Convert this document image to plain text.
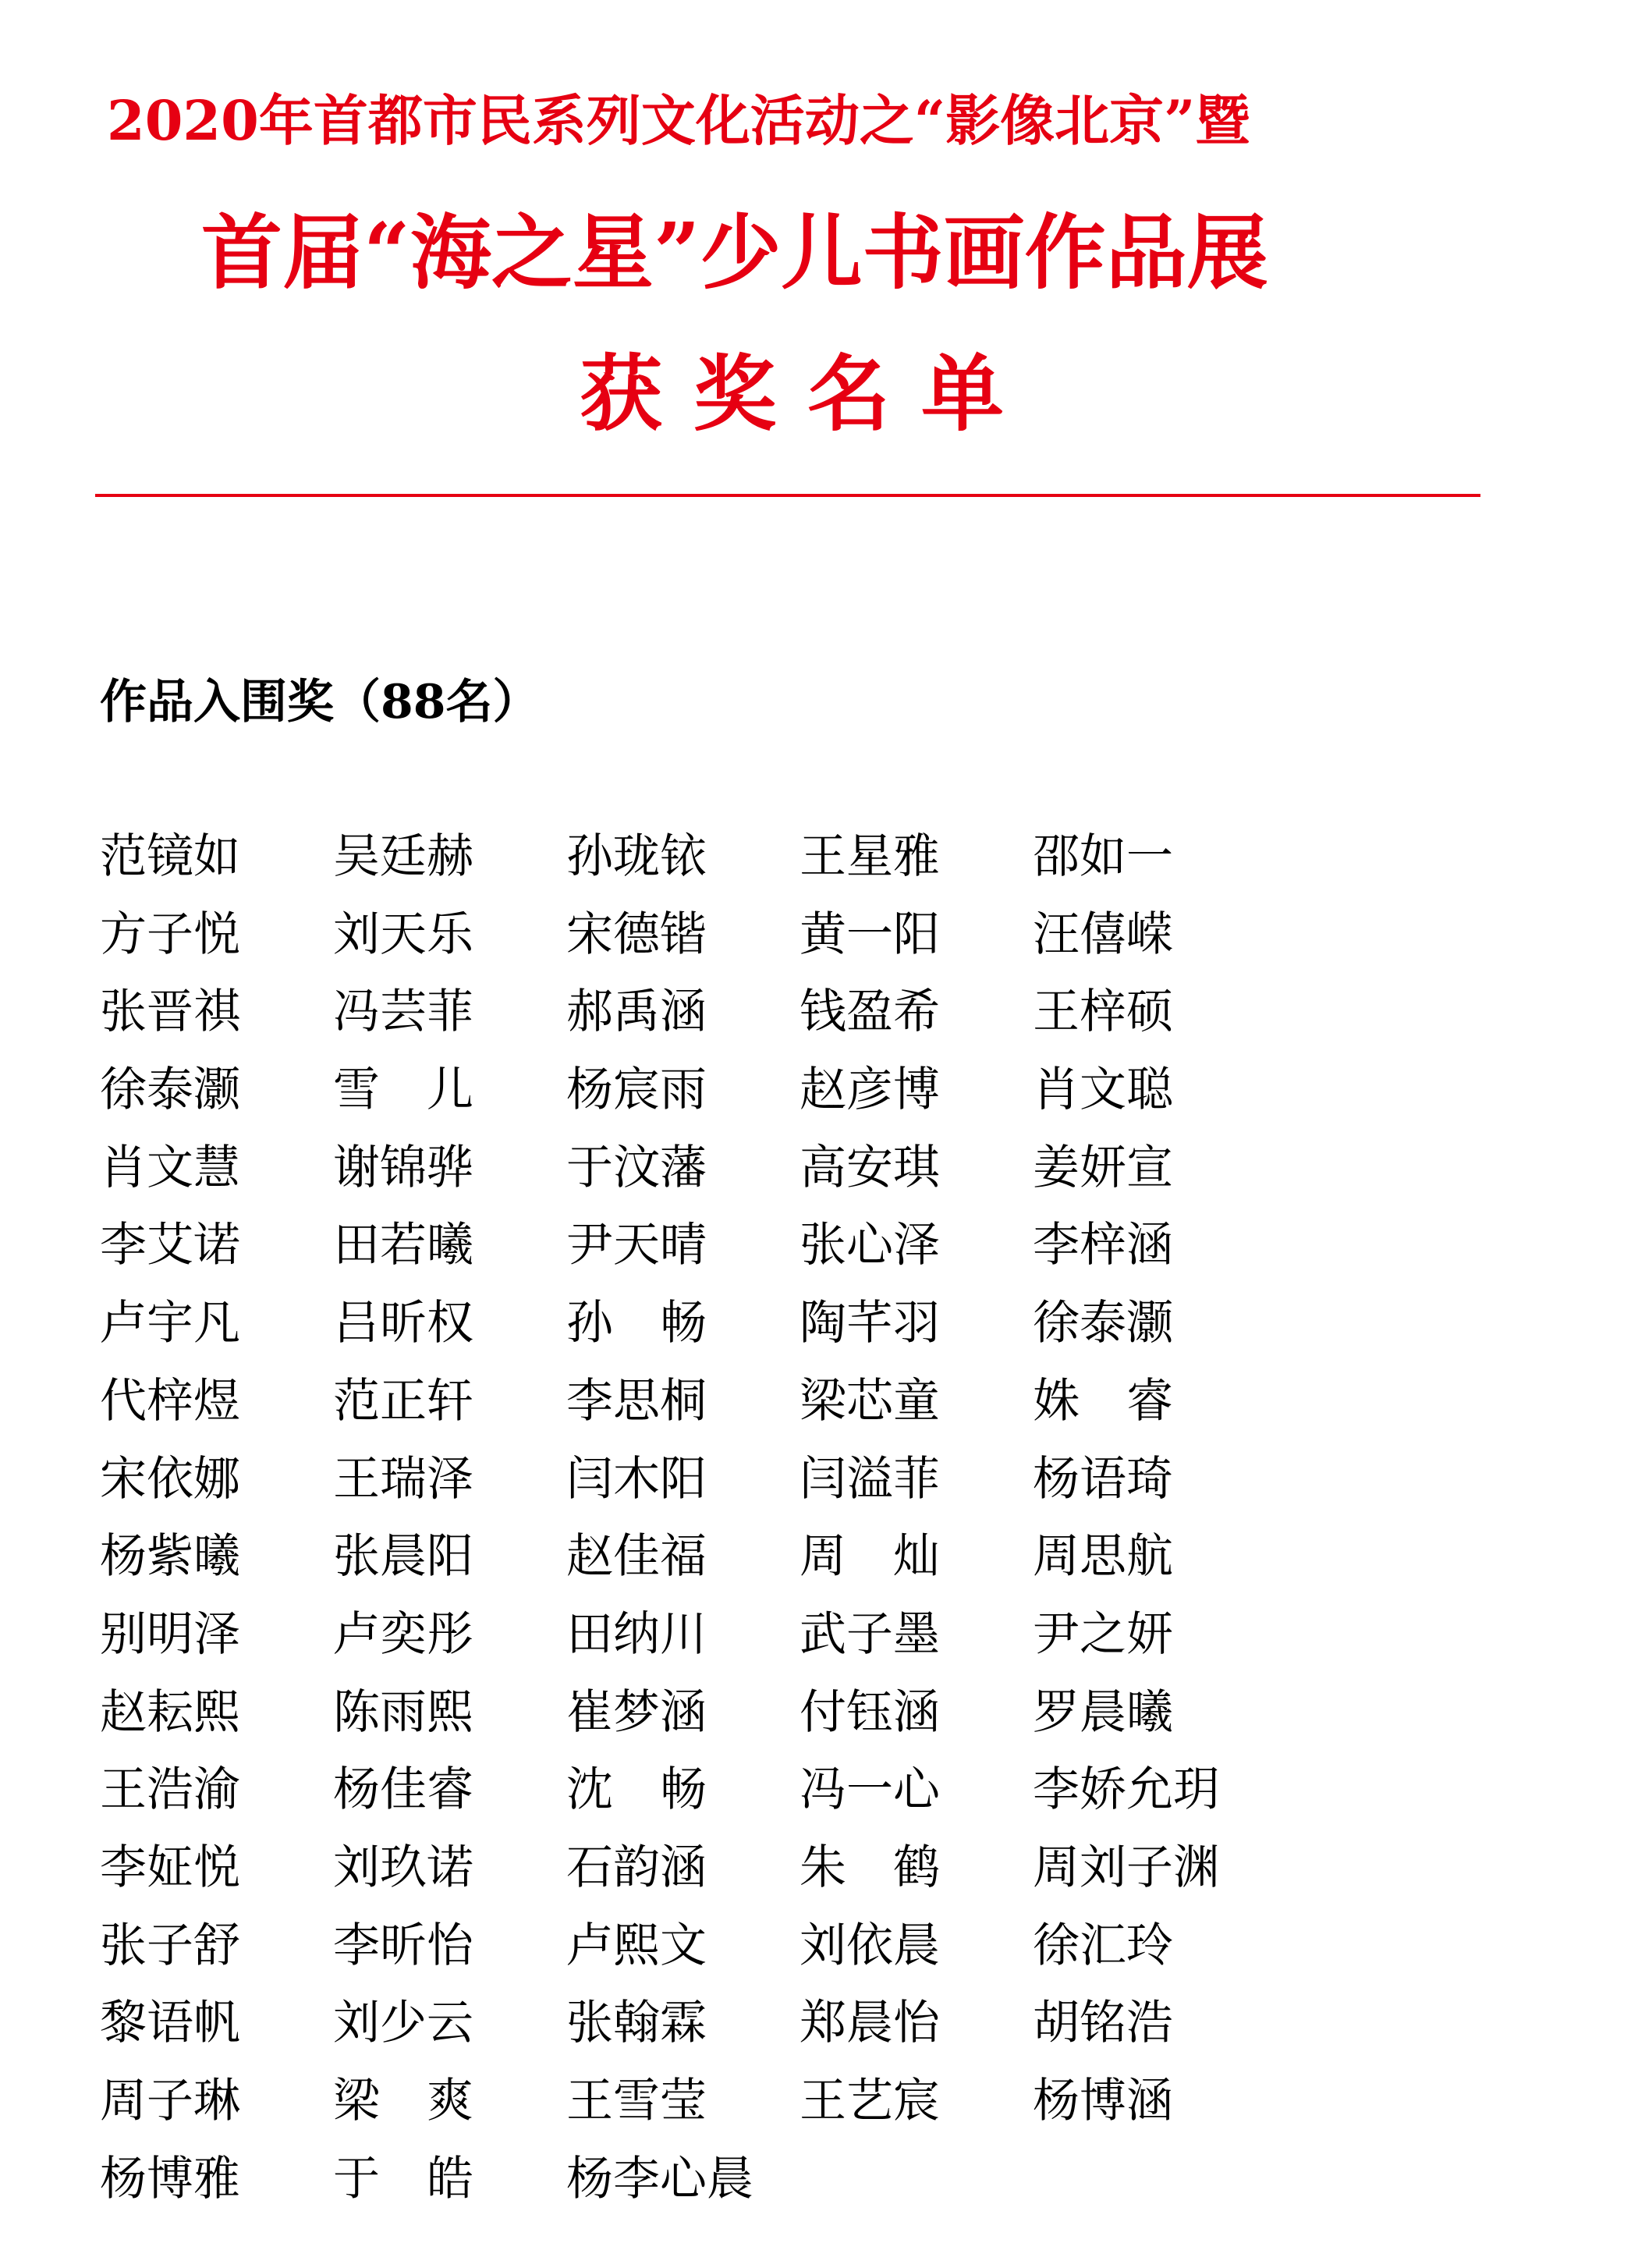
2020年首都市民系列文化活动之“影像北京”暨
首届“海之星”少儿书画作品展
获奖名单
作品入围奖（88名）
范镜如	吴廷赫	孙珑铱	王星雅	邵如一
方子悦	刘天乐	宋德锴	黄一阳	汪僖嵘
张晋祺	冯芸菲	郝禹涵	钱盈希	王梓硕
徐泰灏	雪　儿	杨宸雨	赵彦博	肖文聪
肖文慧	谢锦骅	于汶藩	高安琪	姜妍宣
李艾诺	田若曦	尹天晴	张心泽	李梓涵
卢宇凡	吕昕权	孙　畅	陶芊羽	徐泰灏
代梓煜	范正轩	李思桐	梁芯童	姝　睿
宋依娜	王瑞泽	闫木阳	闫溢菲	杨语琦
杨紫曦	张晨阳	赵佳福	周　灿	周思航
别明泽	卢奕彤	田纳川	武子墨	尹之妍
赵耘熙	陈雨熙	崔梦涵	付钰涵	罗晨曦
王浩渝	杨佳睿	沈　畅	冯一心	李娇允玥
李姃悦	刘玖诺	石韵涵	朱　鹤	周刘子渊
张子舒	李昕怡	卢熙文	刘依晨	徐汇玲
黎语帆	刘少云	张翰霖	郑晨怡	胡铭浩
周子琳	梁　爽	王雪莹	王艺宸	杨博涵
杨博雅	于　皓	杨李心晨
